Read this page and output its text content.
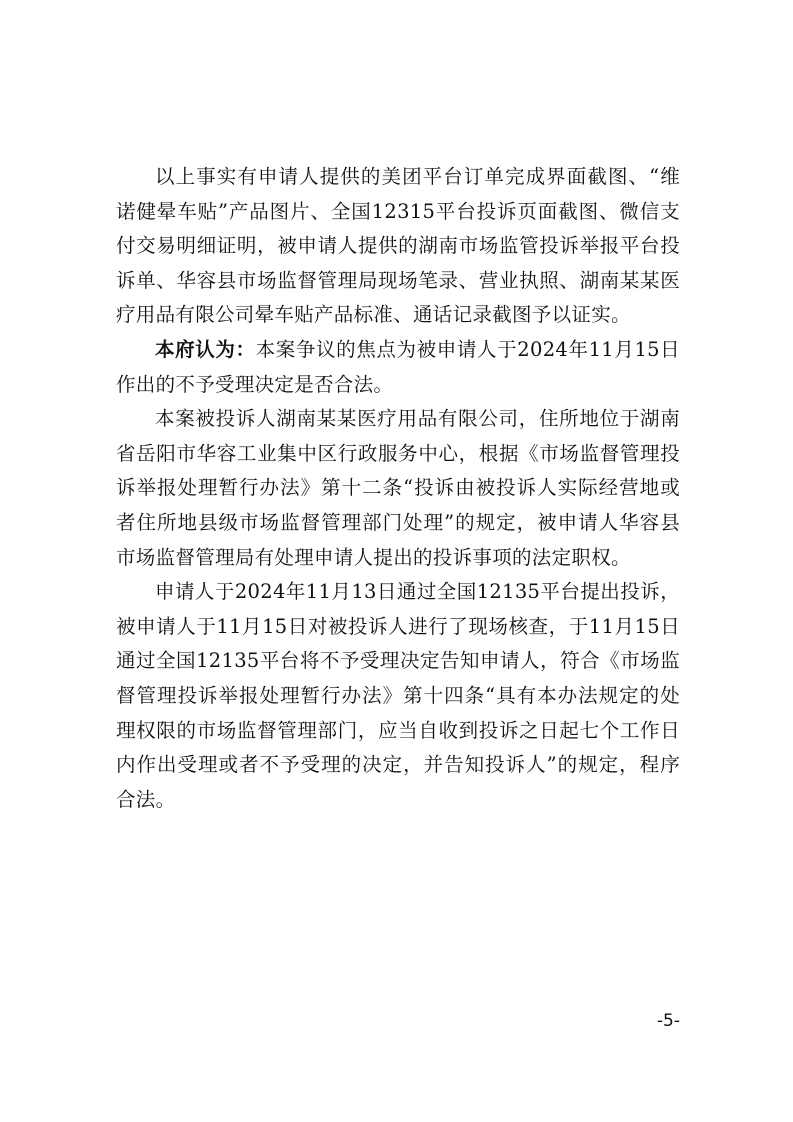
以上事实有申请人提供的美团平台订单完成界面截图、“维诺健晕车贴”产品图片、全国12315平台投诉页面截图、微信支付交易明细证明，被申请人提供的湖南市场监管投诉举报平台投诉单、华容县市场监督管理局现场笔录、营业执照、湖南某某医疗用品有限公司晕车贴产品标准、通话记录截图予以证实。

本府认为：本案争议的焦点为被申请人于2024年11月15日作出的不予受理决定是否合法。

本案被投诉人湖南某某医疗用品有限公司，住所地位于湖南省岳阳市华容工业集中区行政服务中心，根据《市场监督管理投诉举报处理暂行办法》第十二条“投诉由被投诉人实际经营地或者住所地县级市场监督管理部门处理”的规定，被申请人华容县市场监督管理局有处理申请人提出的投诉事项的法定职权。

申请人于2024年11月13日通过全国12135平台提出投诉，被申请人于11月15日对被投诉人进行了现场核查，于11月15日通过全国12135平台将不予受理决定告知申请人，符合《市场监督管理投诉举报处理暂行办法》第十四条“具有本办法规定的处理权限的市场监督管理部门，应当自收到投诉之日起七个工作日内作出受理或者不予受理的决定，并告知投诉人”的规定，程序合法。

-5-
